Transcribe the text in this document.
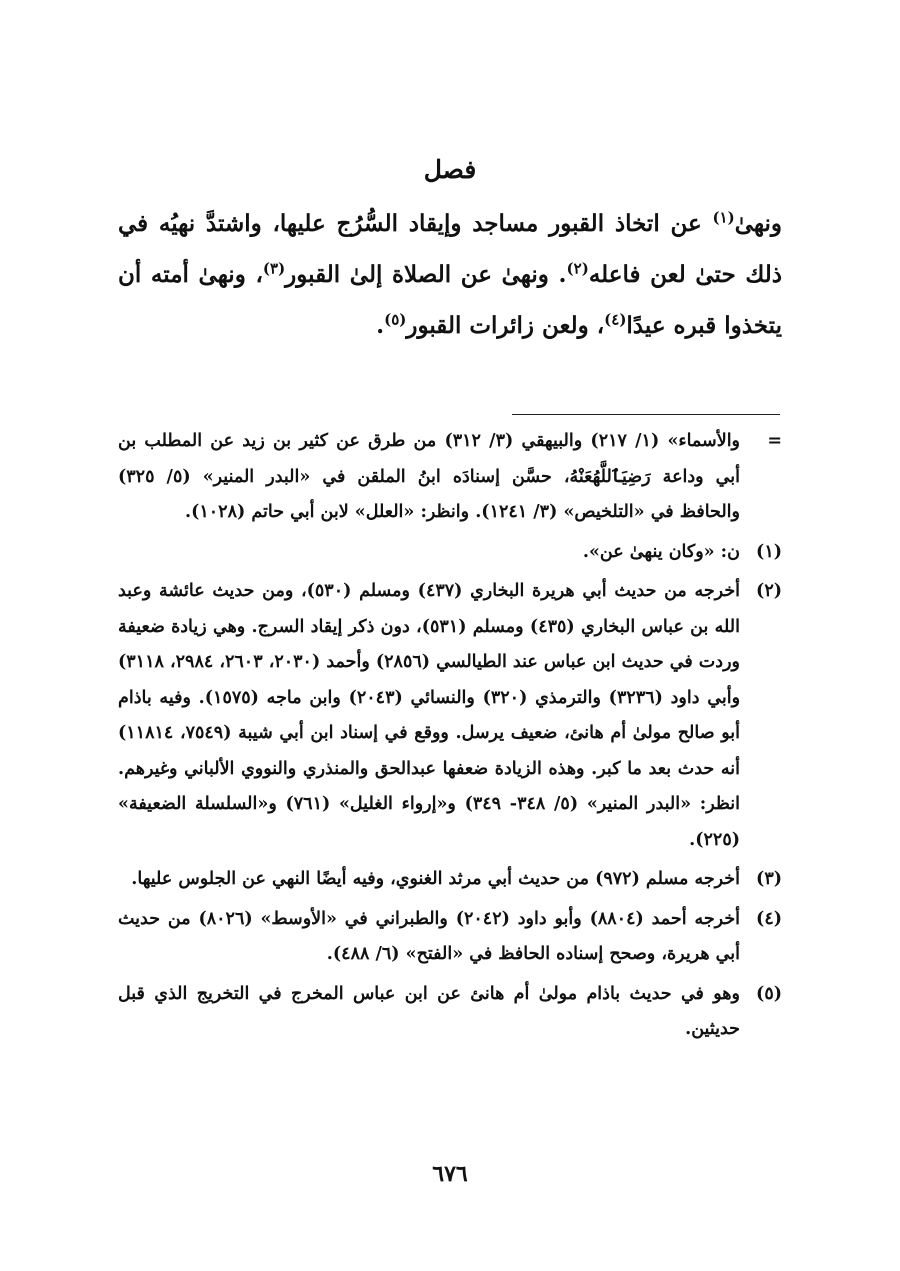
فصل

ونهىٰ$^{(١)}$ عن اتخاذ القبور مساجد وإيقاد السُّرُج عليها، واشتدَّ نهيُه في ذلك حتىٰ لعن فاعله$^{(٢)}$. ونهىٰ عن الصلاة إلىٰ القبور$^{(٣)}$، ونهىٰ أمته أن يتخذوا قبره عيدًا$^{(٤)}$، ولعن زائرات القبور$^{(٥)}$.

=
والأسماء» (١/ ٢١٧) والبيهقي (٣/ ٣١٢) من طرق عن كثير بن زيد عن المطلب بن أبي وداعة رَضِيَٱللَّهُعَنْهُ، حسَّن إسنادَه ابنُ الملقن في «البدر المنير» (٥/ ٣٢٥) والحافظ في «التلخيص» (٣/ ١٢٤١). وانظر: «العلل» لابن أبي حاتم (١٠٢٨).
(١)
ن: «وكان ينهىٰ عن».
(٢)
أخرجه من حديث أبي هريرة البخاري (٤٣٧) ومسلم (٥٣٠)، ومن حديث عائشة وعبد الله بن عباس البخاري (٤٣٥) ومسلم (٥٣١)، دون ذكر إيقاد السرج. وهي زيادة ضعيفة وردت في حديث ابن عباس عند الطيالسي (٢٨٥٦) وأحمد (٢٠٣٠، ٢٦٠٣، ٢٩٨٤، ٣١١٨) وأبي داود (٣٢٣٦) والترمذي (٣٢٠) والنسائي (٢٠٤٣) وابن ماجه (١٥٧٥). وفيه باذام أبو صالح مولىٰ أم هانئ، ضعيف يرسل. ووقع في إسناد ابن أبي شيبة (٧٥٤٩، ١١٨١٤) أنه حدث بعد ما كبر. وهذه الزيادة ضعفها عبدالحق والمنذري والنووي الألباني وغيرهم. انظر: «البدر المنير» (٥/ ٣٤٨- ٣٤٩) و«إرواء الغليل» (٧٦١) و«السلسلة الضعيفة» (٢٢٥).
(٣)
أخرجه مسلم (٩٧٢) من حديث أبي مرثد الغنوي، وفيه أيضًا النهي عن الجلوس عليها.
(٤)
أخرجه أحمد (٨٨٠٤) وأبو داود (٢٠٤٢) والطبراني في «الأوسط» (٨٠٢٦) من حديث أبي هريرة، وصحح إسناده الحافظ في «الفتح» (٦/ ٤٨٨).
(٥)
وهو في حديث باذام مولىٰ أم هانئ عن ابن عباس المخرج في التخريج الذي قبل حديثين.
٦٧٦
